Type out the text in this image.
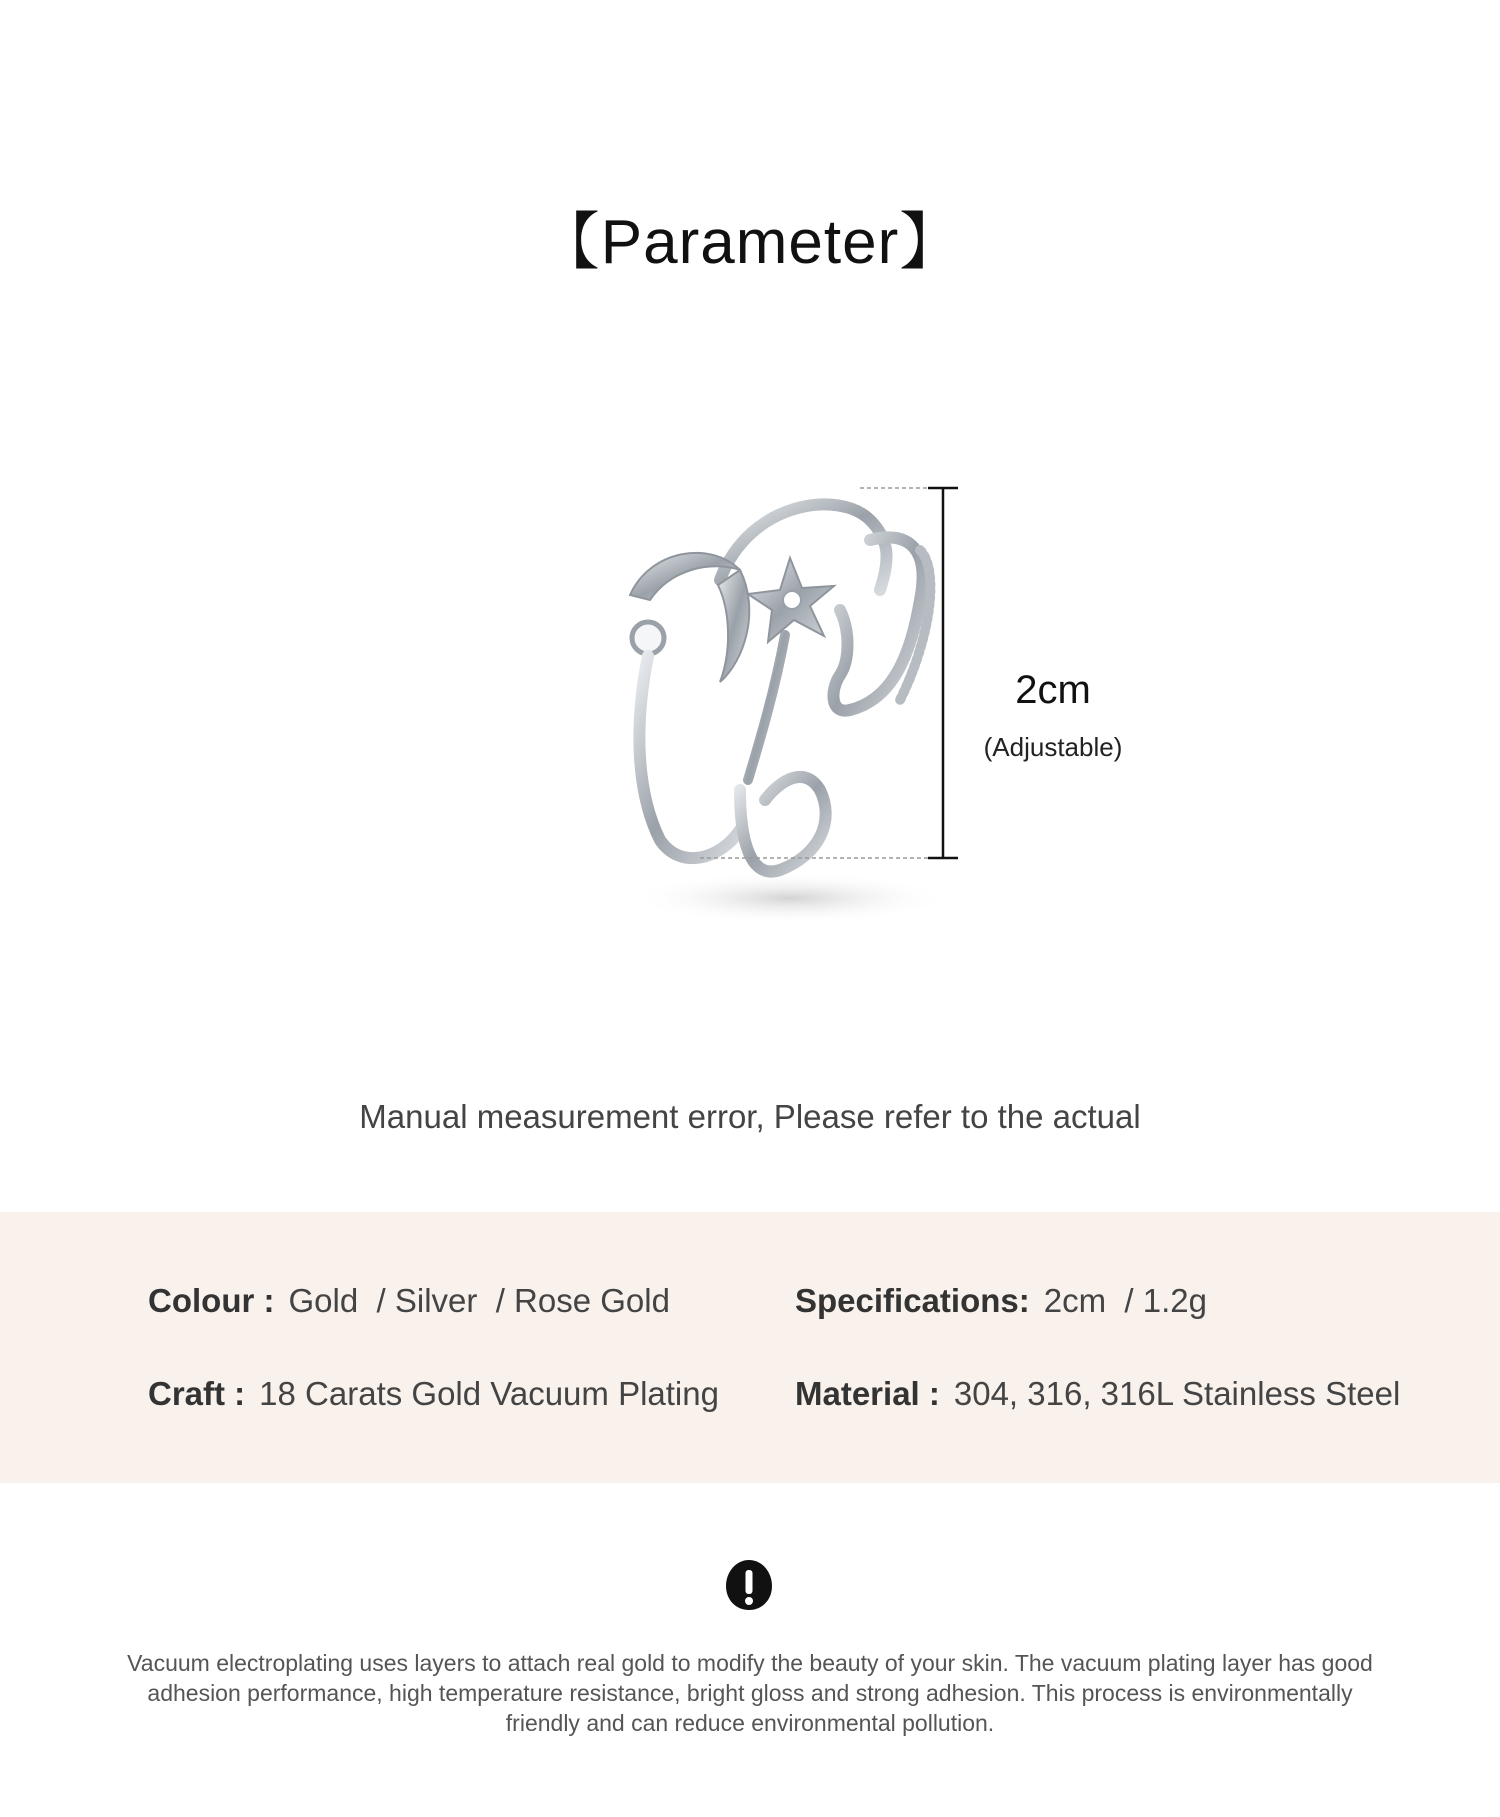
【Parameter】
2cm
(Adjustable)
Manual measurement error, Please refer to the actual
Colour : Gold  / Silver  / Rose Gold	Specifications: 2cm  / 1.2g
Craft : 18 Carats Gold Vacuum Plating Material : 304, 316, 316L Stainless Steel
Vacuum electroplating uses layers to attach real gold to modify the beauty of your skin. The vacuum plating layer has good adhesion performance, high temperature resistance, bright gloss and strong adhesion. This process is environmentally friendly and can reduce environmental pollution.
